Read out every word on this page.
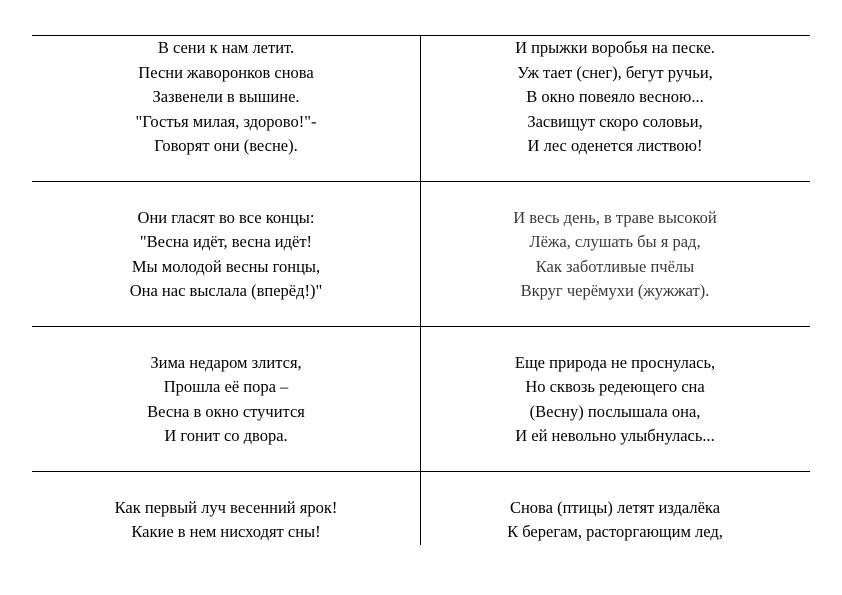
В сени к нам летит.	И прыжки воробья на песке.
Песни жаворонков снова
Зазвенели в вышине.
"Гостья милая, здорово!"-
Говорят они (весне).
Уж тает (снег), бегут ручьи,
В окно повеяло весною...
Засвищут скоро соловьи,
И лес оденется листвою!
Они гласят во все концы:
"Весна идёт, весна идёт!
Мы молодой весны гонцы,
Она нас выслала (вперёд!)"
И весь день, в траве высокой
Лёжа, слушать бы я рад,
Как заботливые пчёлы
Вкруг черёмухи (жужжат).
Зима недаром злится,
Прошла её пора –
Весна в окно стучится
И гонит со двора.
Еще природа не проснулась,
Но сквозь редеющего сна
(Весну) послышала она,
И ей невольно улыбнулась...
Как первый луч весенний ярок!
Какие в нем нисходят сны!
Снова (птицы) летят издалёка
К берегам, расторгающим лед,
